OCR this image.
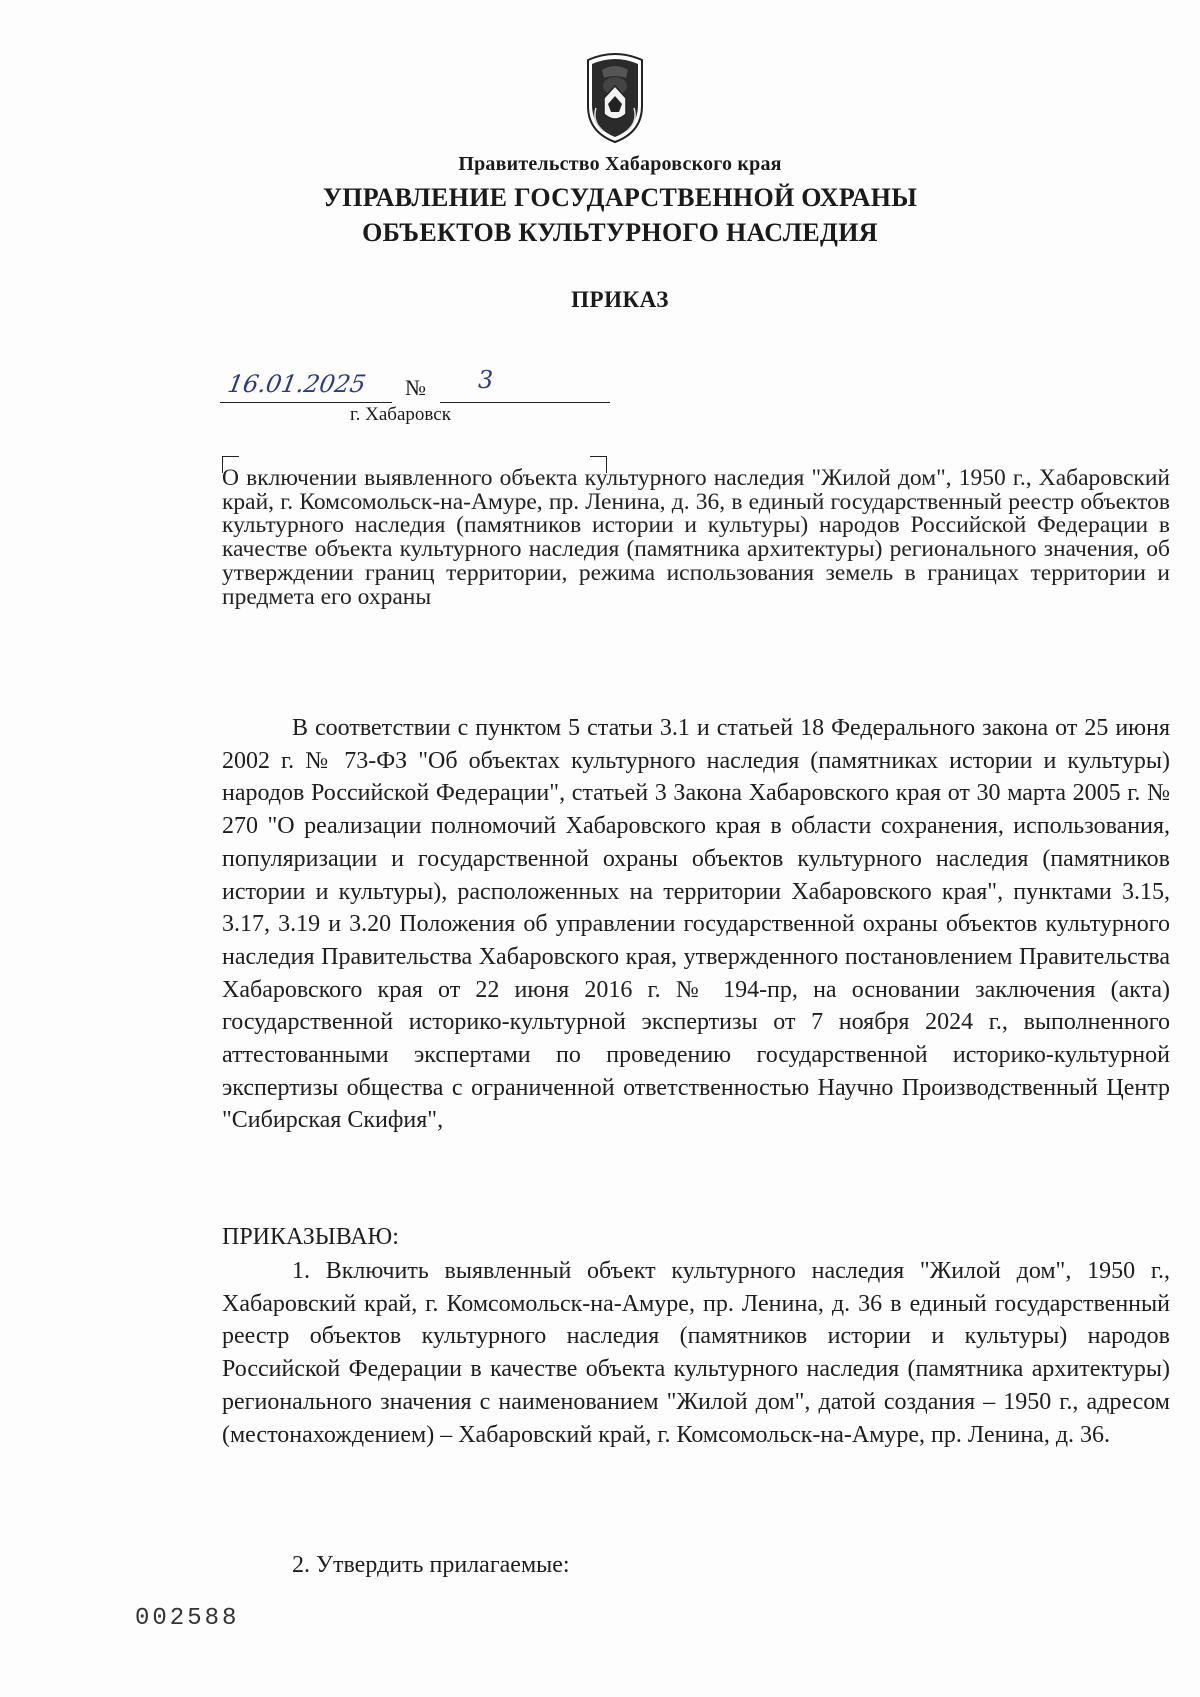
Правительство Хабаровского края
УПРАВЛЕНИЕ ГОСУДАРСТВЕННОЙ ОХРАНЫ
ОБЪЕКТОВ КУЛЬТУРНОГО НАСЛЕДИЯ
ПРИКАЗ
16.01.2025 № 3
г. Хабаровск
О включении выявленного объекта культурного наследия "Жилой дом", 1950 г., Хабаровский край, г. Комсомольск-на-Амуре, пр. Ленина, д. 36, в единый государственный реестр объектов культурного наследия (памятников истории и культуры) народов Российской Федерации в качестве объекта культурного наследия (памятника архитектуры) регионального значения, об утверждении границ территории, режима использования земель в границах территории и предмета его охраны
В соответствии с пунктом 5 статьи 3.1 и статьей 18 Федерального закона от 25 июня 2002 г. № 73-ФЗ "Об объектах культурного наследия (памятниках истории и культуры) народов Российской Федерации", статьей 3 Закона Хабаровского края от 30 марта 2005 г. № 270 "О реализации полномочий Хабаровского края в области сохранения, использования, популяризации и государственной охраны объектов культурного наследия (памятников истории и культуры), расположенных на территории Хабаровского края", пунктами 3.15, 3.17, 3.19 и 3.20 Положения об управлении государственной охраны объектов культурного наследия Правительства Хабаровского края, утвержденного постановлением Правительства Хабаровского края от 22 июня 2016 г. № 194-пр, на основании заключения (акта) государственной историко-культурной экспертизы от 7 ноября 2024 г., выполненного аттестованными экспертами по проведению государственной историко-культурной экспертизы общества с ограниченной ответственностью Научно Производственный Центр "Сибирская Скифия",
ПРИКАЗЫВАЮ:
1. Включить выявленный объект культурного наследия "Жилой дом", 1950 г., Хабаровский край, г. Комсомольск-на-Амуре, пр. Ленина, д. 36 в единый государственный реестр объектов культурного наследия (памятников истории и культуры) народов Российской Федерации в качестве объекта культурного наследия (памятника архитектуры) регионального значения с наименованием "Жилой дом", датой создания – 1950 г., адресом (местонахождением) – Хабаровский край, г. Комсомольск-на-Амуре, пр. Ленина, д. 36.
2. Утвердить прилагаемые:
002588
